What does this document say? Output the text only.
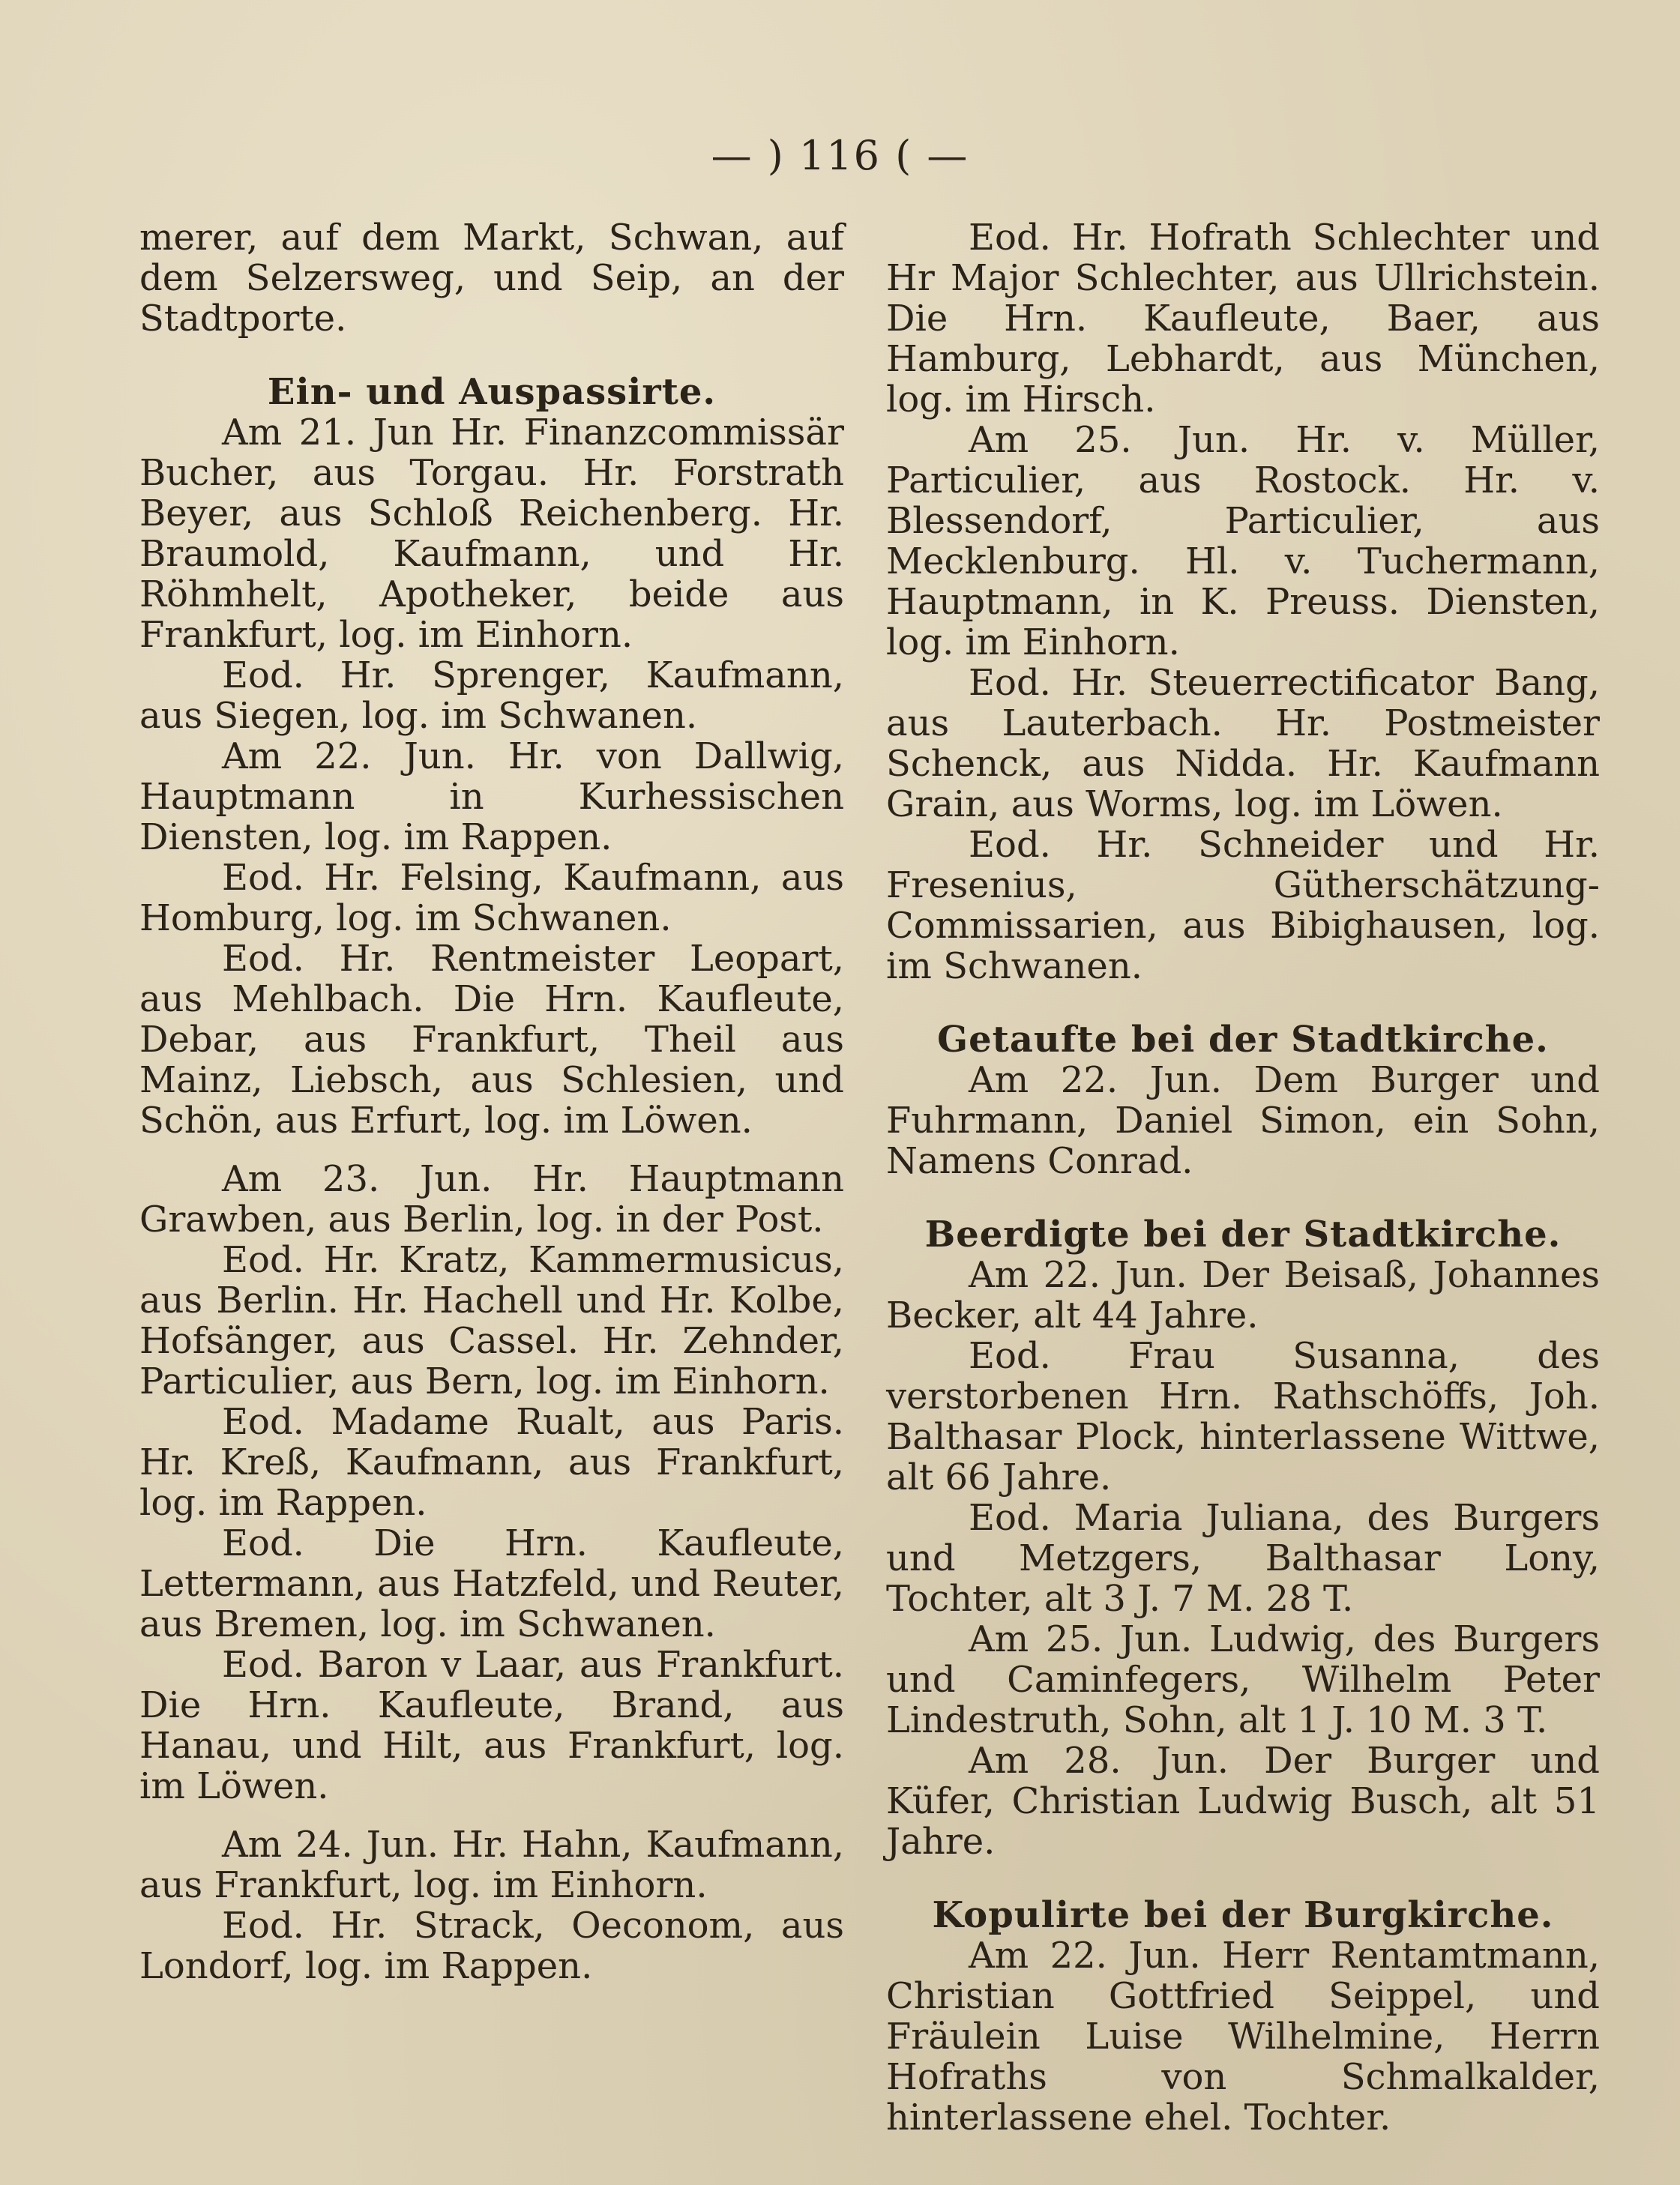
— ) 116 ( —

merer, auf dem Markt, Schwan, auf dem Selzersweg, und Seip, an der Stadtporte.

Ein- und Auspassirte.

Am 21. Jun Hr. Finanzcommissär Bucher, aus Torgau. Hr. Forstrath Beyer, aus Schloß Reichenberg. Hr. Braumold, Kaufmann, und Hr. Röhmhelt, Apotheker, beide aus Frankfurt, log. im Einhorn.

Eod. Hr. Sprenger, Kaufmann, aus Siegen, log. im Schwanen.

Am 22. Jun. Hr. von Dallwig, Hauptmann in Kurhessischen Diensten, log. im Rappen.

Eod. Hr. Felsing, Kaufmann, aus Homburg, log. im Schwanen.

Eod. Hr. Rentmeister Leopart, aus Mehlbach. Die Hrn. Kaufleute, Debar, aus Frankfurt, Theil aus Mainz, Liebsch, aus Schlesien, und Schön, aus Erfurt, log. im Löwen.

Am 23. Jun. Hr. Hauptmann Grawben, aus Berlin, log. in der Post.

Eod. Hr. Kratz, Kammermusicus, aus Berlin. Hr. Hachell und Hr. Kolbe, Hofsänger, aus Cassel. Hr. Zehnder, Particulier, aus Bern, log. im Einhorn.

Eod. Madame Rualt, aus Paris. Hr. Kreß, Kaufmann, aus Frankfurt, log. im Rappen.

Eod. Die Hrn. Kaufleute, Lettermann, aus Hatzfeld, und Reuter, aus Bremen, log. im Schwanen.

Eod. Baron v Laar, aus Frankfurt. Die Hrn. Kaufleute, Brand, aus Hanau, und Hilt, aus Frankfurt, log. im Löwen.

Am 24. Jun. Hr. Hahn, Kaufmann, aus Frankfurt, log. im Einhorn.

Eod. Hr. Strack, Oeconom, aus Londorf, log. im Rappen.

Eod. Hr. Hofrath Schlechter und Hr Major Schlechter, aus Ullrichstein. Die Hrn. Kaufleute, Baer, aus Hamburg, Lebhardt, aus München, log. im Hirsch.

Am 25. Jun. Hr. v. Müller, Particulier, aus Rostock. Hr. v. Blessendorf, Particulier, aus Mecklenburg. Hl. v. Tuchermann, Hauptmann, in K. Preuss. Diensten, log. im Einhorn.

Eod. Hr. Steuerrectificator Bang, aus Lauterbach. Hr. Postmeister Schenck, aus Nidda. Hr. Kaufmann Grain, aus Worms, log. im Löwen.

Eod. Hr. Schneider und Hr. Fresenius, Gütherschätzung-Commissarien, aus Bibighausen, log. im Schwanen.

Getaufte bei der Stadtkirche.

Am 22. Jun. Dem Burger und Fuhrmann, Daniel Simon, ein Sohn, Namens Conrad.

Beerdigte bei der Stadtkirche.

Am 22. Jun. Der Beisaß, Johannes Becker, alt 44 Jahre.

Eod. Frau Susanna, des verstorbenen Hrn. Rathschöffs, Joh. Balthasar Plock, hinterlassene Wittwe, alt 66 Jahre.

Eod. Maria Juliana, des Burgers und Metzgers, Balthasar Lony, Tochter, alt 3 J. 7 M. 28 T.

Am 25. Jun. Ludwig, des Burgers und Caminfegers, Wilhelm Peter Lindestruth, Sohn, alt 1 J. 10 M. 3 T.

Am 28. Jun. Der Burger und Küfer, Christian Ludwig Busch, alt 51 Jahre.

Kopulirte bei der Burgkirche.

Am 22. Jun. Herr Rentamtmann, Christian Gottfried Seippel, und Fräulein Luise Wilhelmine, Herrn Hofraths von Schmalkalder, hinterlassene ehel. Tochter.
